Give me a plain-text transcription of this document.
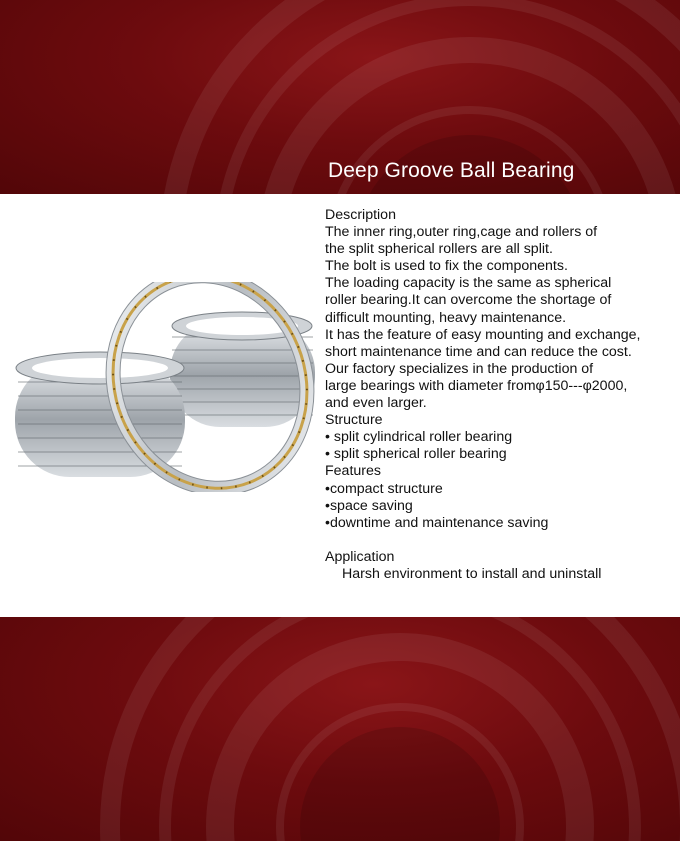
Deep Groove Ball Bearing

Description

The inner ring,outer ring,cage and rollers of

the split spherical rollers are all split.

The bolt is used to fix the components.

The loading capacity is the same as spherical

roller bearing.It can overcome the shortage of

difficult mounting, heavy maintenance.

It has the feature of easy mounting and exchange,

short maintenance time and can reduce the cost.

Our factory specializes in the production of

large bearings with diameter fromφ150---φ2000,

and even larger.

Structure

• split cylindrical roller bearing

• split spherical roller bearing

Features

•compact structure

•space saving

•downtime and maintenance saving

Application

Harsh environment to install and uninstall
